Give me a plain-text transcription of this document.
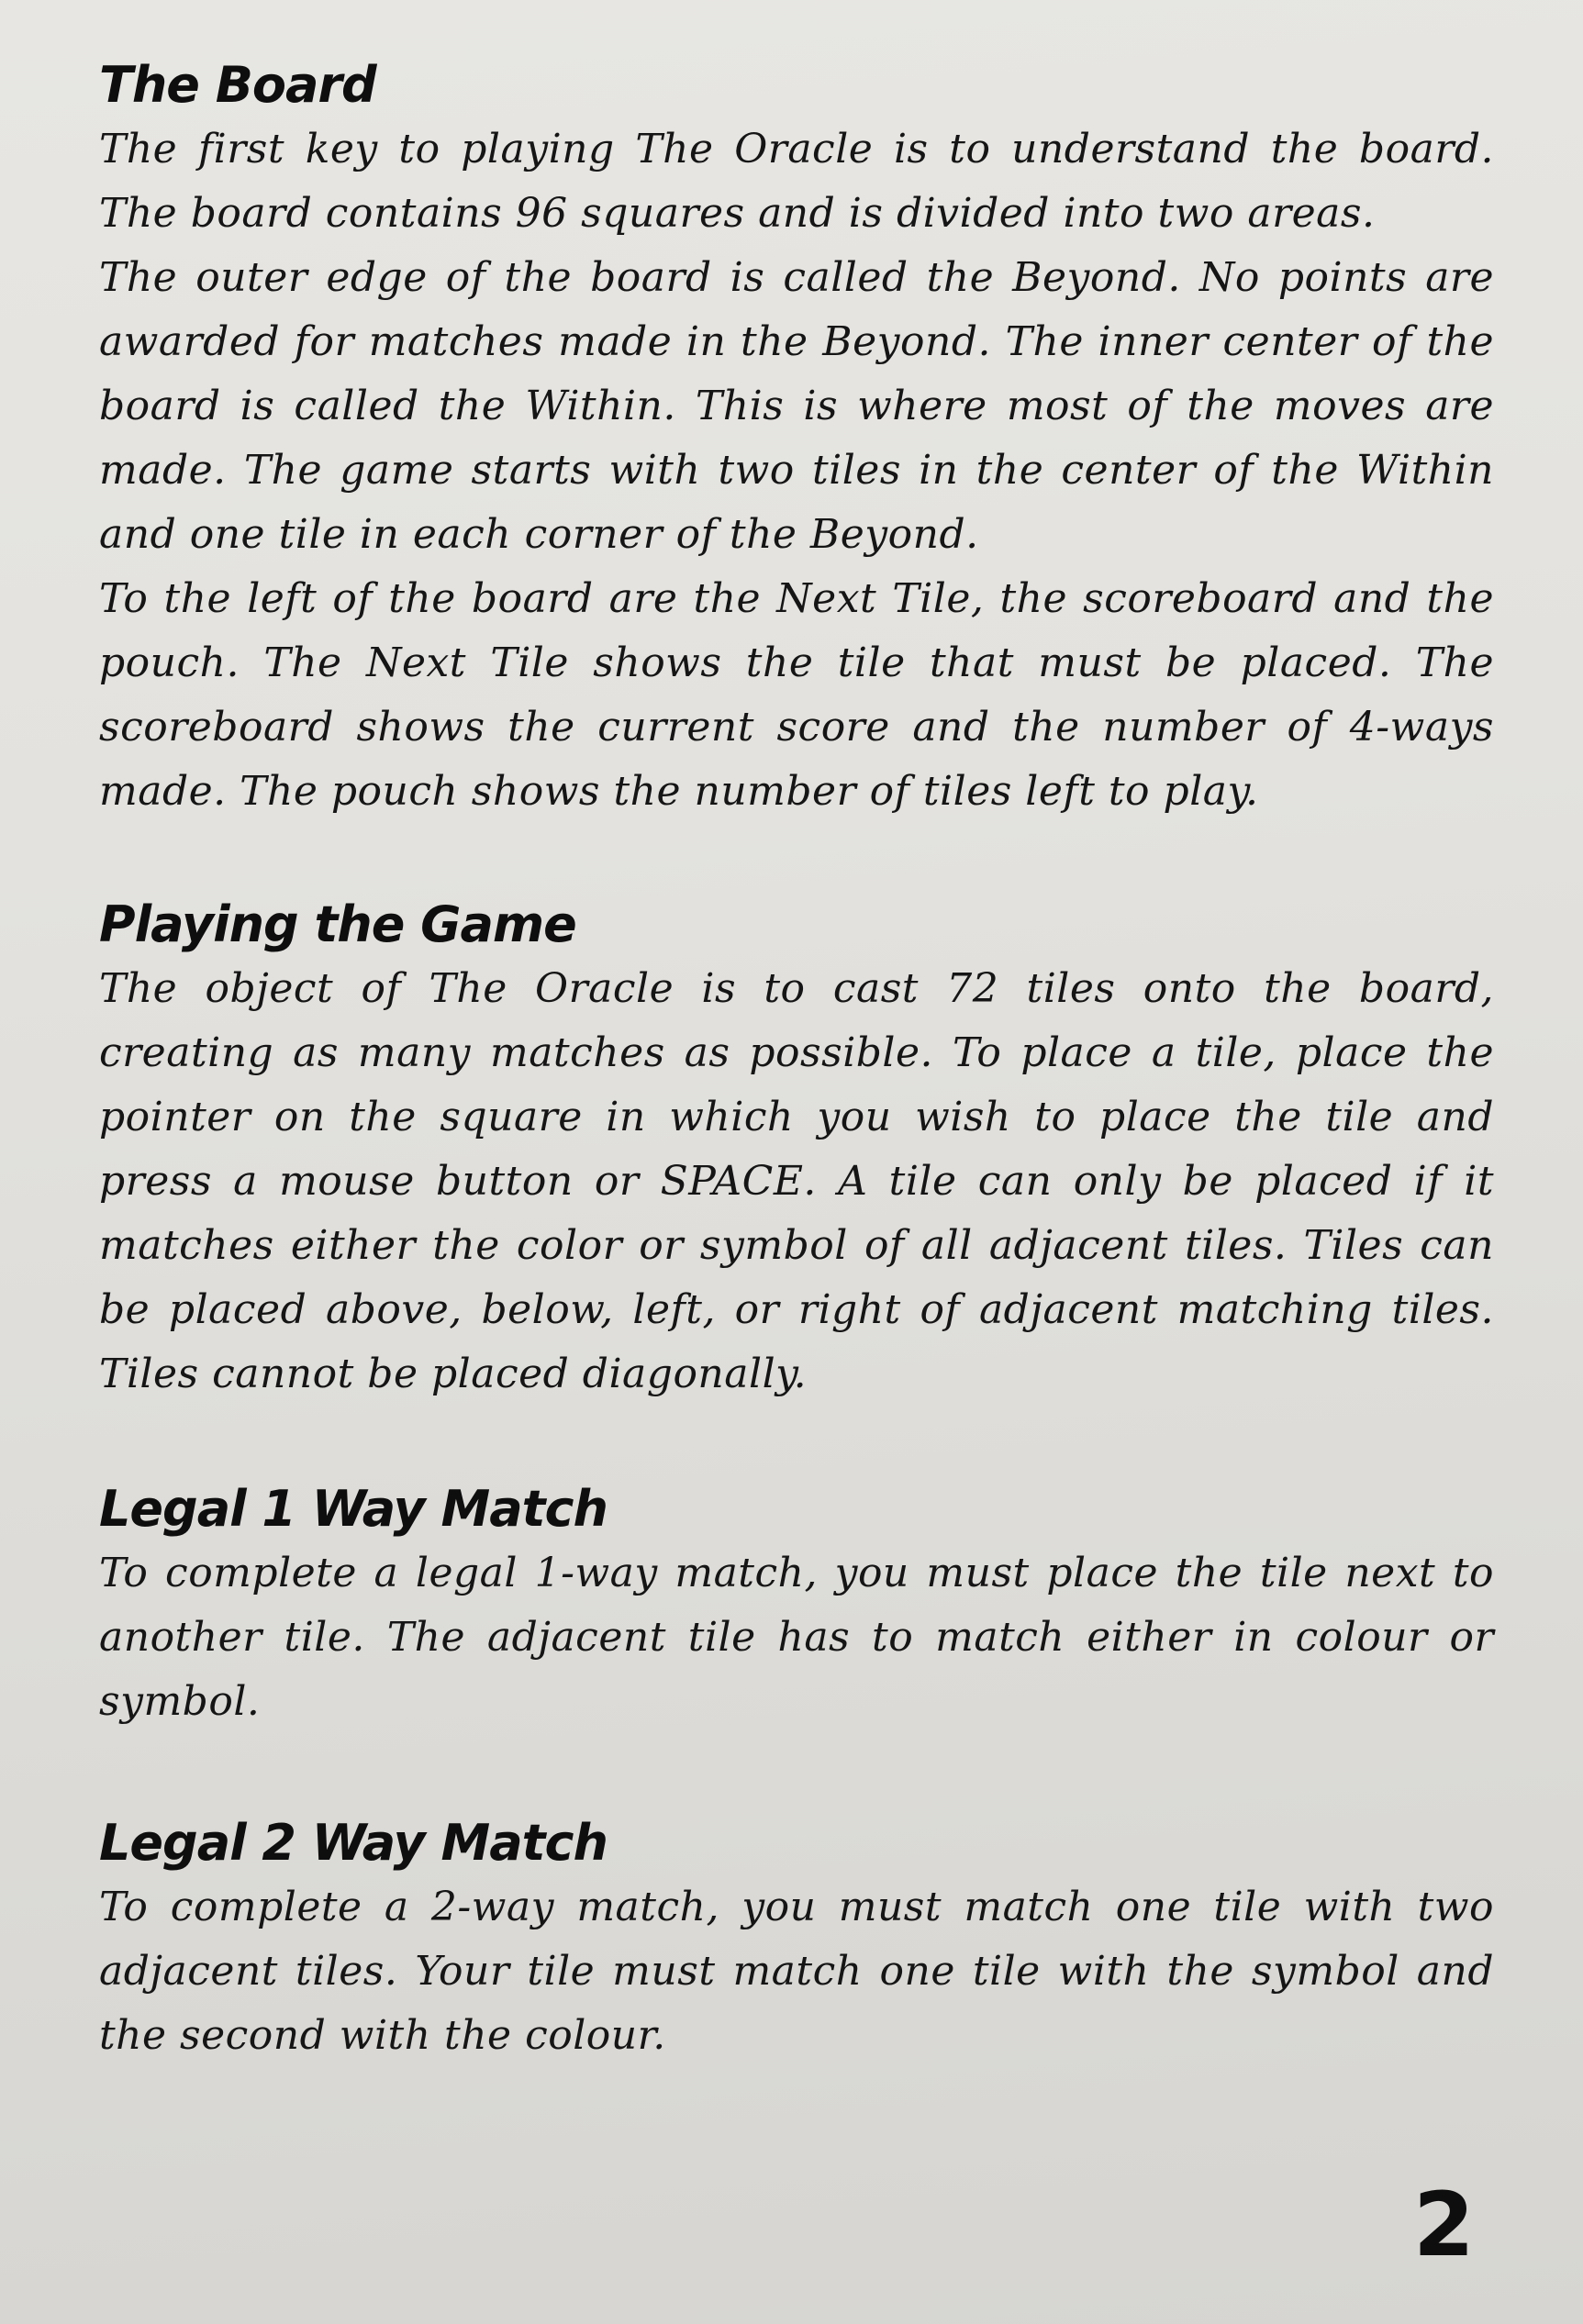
The Board

The first key to playing The Oracle is to understand the board. The board contains 96 squares and is divided into two areas.

The outer edge of the board is called the Beyond. No points are awarded for matches made in the Beyond. The inner center of the board is called the Within. This is where most of the moves are made. The game starts with two tiles in the center of the Within and one tile in each corner of the Beyond.

To the left of the board are the Next Tile, the scoreboard and the pouch. The Next Tile shows the tile that must be placed. The scoreboard shows the current score and the number of 4-ways made. The pouch shows the number of tiles left to play.

Playing the Game

The object of The Oracle is to cast 72 tiles onto the board, creating as many matches as possible. To place a tile, place the pointer on the square in which you wish to place the tile and press a mouse button or SPACE. A tile can only be placed if it matches either the color or symbol of all adjacent tiles. Tiles can be placed above, below, left, or right of adjacent matching tiles. Tiles cannot be placed diagonally.

Legal 1 Way Match

To complete a legal 1-way match, you must place the tile next to another tile. The adjacent tile has to match either in colour or symbol.

Legal 2 Way Match

To complete a 2-way match, you must match one tile with two adjacent tiles. Your tile must match one tile with the symbol and the second with the colour.

2
